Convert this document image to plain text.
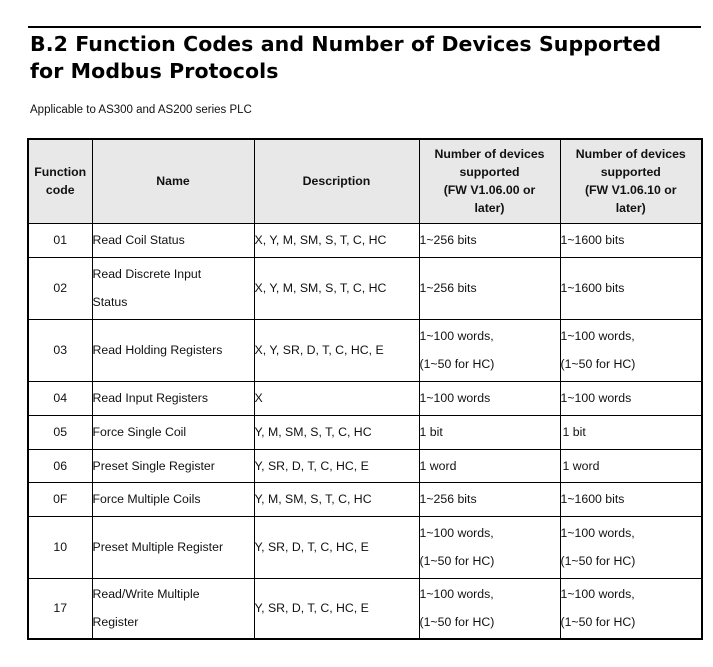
B.2 Function Codes and Number of Devices Supported
for Modbus Protocols
Applicable to AS300 and AS200 series PLC
Function
code	Name	Description	Number of devices
supported
(FW V1.06.00 or
later)	Number of devices
supported
(FW V1.06.10 or
later)

01	Read Coil Status	X, Y, M, SM, S, T, C, HC	1~256 bits	1~1600 bits

02	Read Discrete Input
Status	X, Y, M, SM, S, T, C, HC	1~256 bits	1~1600 bits

03	Read Holding Registers	X, Y, SR, D, T, C, HC, E	1~100 words,
(1~50 for HC)	1~100 words,
(1~50 for HC)

04	Read Input Registers	X	1~100 words	1~100 words

05	Force Single Coil	Y, M, SM, S, T, C, HC	1 bit	1 bit

06	Preset Single Register	Y, SR, D, T, C, HC, E	1 word	1 word

0F	Force Multiple Coils	Y, M, SM, S, T, C, HC	1~256 bits	1~1600 bits

10	Preset Multiple Register	Y, SR, D, T, C, HC, E	1~100 words,
(1~50 for HC)	1~100 words,
(1~50 for HC)

17	Read/Write Multiple
Register	Y, SR, D, T, C, HC, E	1~100 words,
(1~50 for HC)	1~100 words,
(1~50 for HC)
